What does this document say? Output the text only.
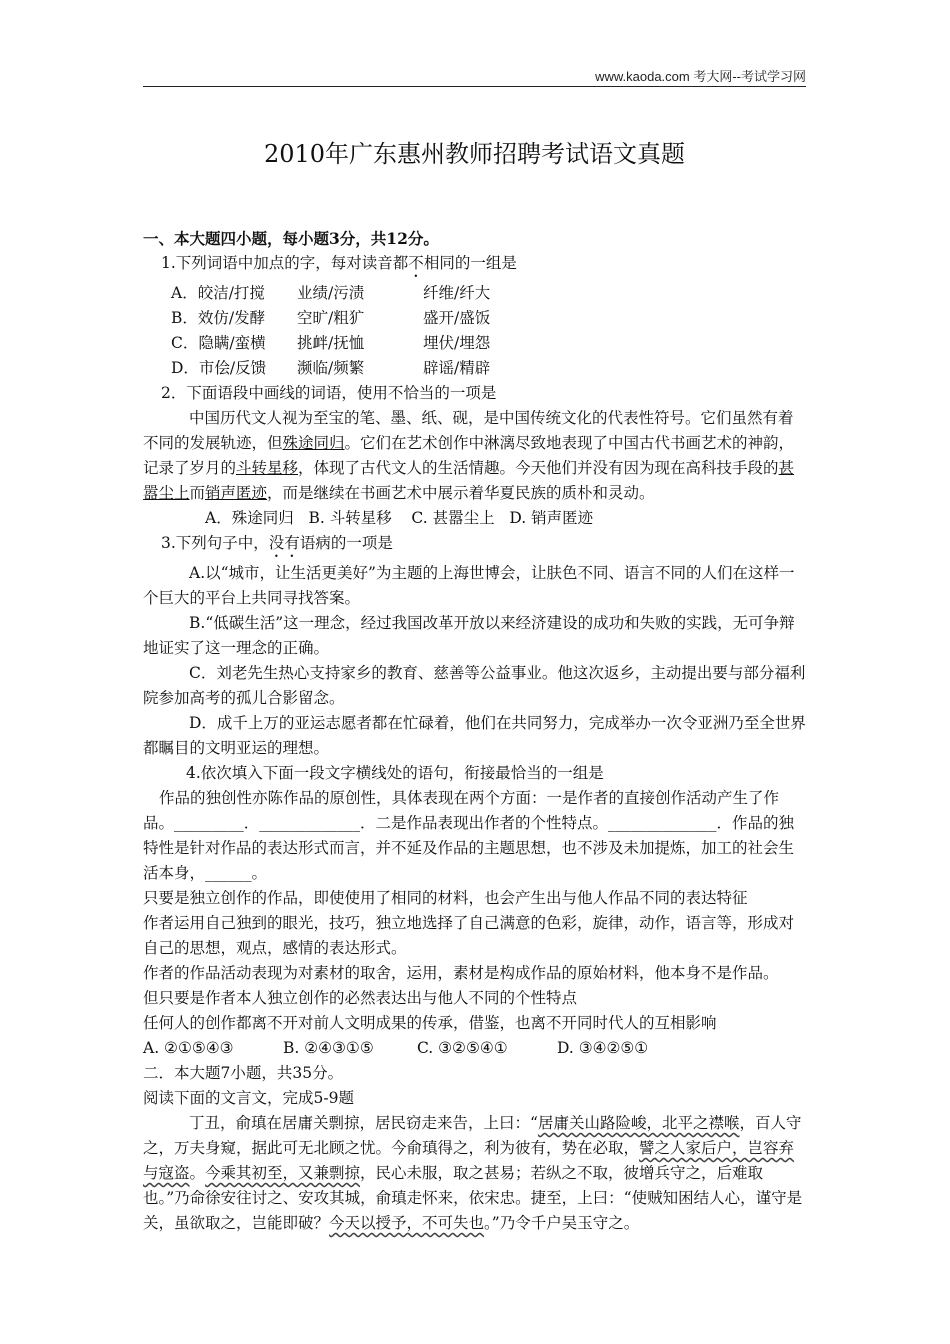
www.kaoda.com 考大网--考试学习网
2010年广东惠州教师招聘考试语文真题

一、本大题四小题，每小题3分，共12分。

1.下列词语中加点的字，每对读音都不相同的一组是

A．皎洁/打搅 业绩/污渍	纤维/纤大

B．效仿/发酵 空旷/粗犷	盛开/盛饭

C．隐瞒/蛮横 挑衅/抚恤	埋伏/埋怨

D．市侩/反馈 濒临/频繁	辟谣/精辟

2．下面语段中画线的词语，使用不恰当的一项是

中国历代文人视为至宝的笔、墨、纸、砚，是中国传统文化的代表性符号。它们虽然有着不同的发展轨迹，但殊途同归。它们在艺术创作中淋漓尽致地表现了中国古代书画艺术的神韵，记录了岁月的斗转星移，体现了古代文人的生活情趣。今天他们并没有因为现在高科技手段的甚嚣尘上而销声匿迹，而是继续在书画艺术中展示着华夏民族的质朴和灵动。

A．殊途同归   B. 斗转星移    C. 甚嚣尘上   D. 销声匿迹

3.下列句子中，没有语病的一项是

A.以“城市，让生活更美好”为主题的上海世博会，让肤色不同、语言不同的人们在这样一个巨大的平台上共同寻找答案。

B.“低碳生活”这一理念，经过我国改革开放以来经济建设的成功和失败的实践，无可争辩地证实了这一理念的正确。

C．刘老先生热心支持家乡的教育、慈善等公益事业。他这次返乡，主动提出要与部分福利院参加高考的孤儿合影留念。

D．成千上万的亚运志愿者都在忙碌着，他们在共同努力，完成举办一次令亚洲乃至全世界都瞩目的文明亚运的理想。

4.依次填入下面一段文字横线处的语句，衔接最恰当的一组是

作品的独创性亦陈作品的原创性，具体表现在两个方面：一是作者的直接创作活动产生了作品。_________．_____________．二是作品表现出作者的个性特点。______________．作品的独特性是针对作品的表达形式而言，并不延及作品的主题思想，也不涉及未加提炼，加工的社会生活本身，______。

只要是独立创作的作品，即使使用了相同的材料，也会产生出与他人作品不同的表达特征

作者运用自己独到的眼光，技巧，独立地选择了自己满意的色彩，旋律，动作，语言等，形成对自己的思想，观点，感情的表达形式。

作者的作品活动表现为对素材的取舍，运用，素材是构成作品的原始材料，他本身不是作品。

但只要是作者本人独立创作的必然表达出与他人不同的个性特点

任何人的创作都离不开对前人文明成果的传承，借鉴，也离不开同时代人的互相影响

A. ②①⑤④③	B. ②④③①⑤	C. ③②⑤④①	D. ③④②⑤①

二．本大题7小题，共35分。

阅读下面的文言文，完成5-9题

丁丑，俞瑱在居庸关剽掠，居民窃走来告，上曰：“居庸关山路险峻，北平之襟喉，百人守之，万夫身窥，据此可无北顾之忧。今俞瑱得之，利为彼有，势在必取，譬之人家后户，岂容弃与寇盗。今乘其初至，又兼剽掠，民心未服，取之甚易；若纵之不取，彼增兵守之，后难取也。”乃命徐安往讨之、安攻其城，俞瑱走怀来，依宋忠。捷至，上曰：“使贼知困结人心，谨守是关，虽欲取之，岂能即破？今天以授予，不可失也。”乃令千户吴玉守之。
